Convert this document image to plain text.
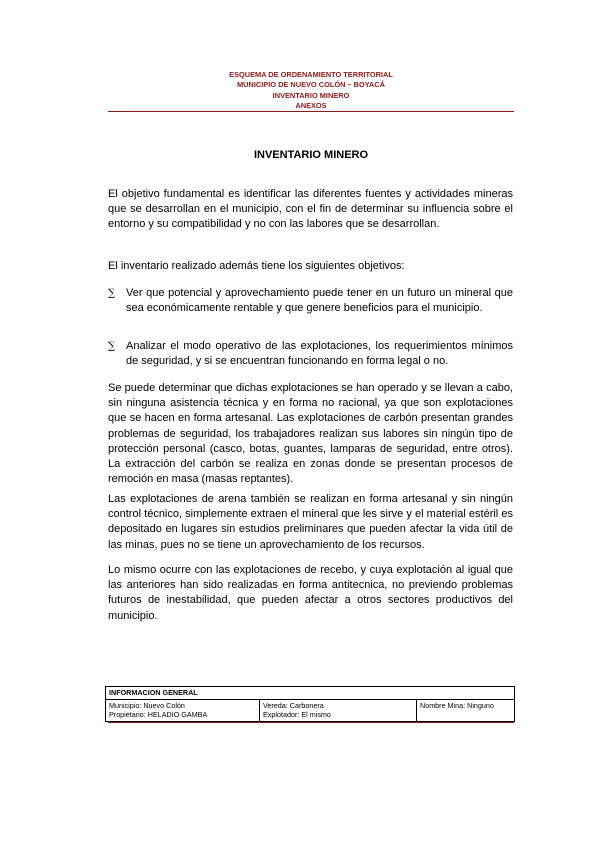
ESQUEMA DE ORDENAMIENTO TERRITORIAL
MUNICIPIO DE NUEVO COLÓN – BOYACÁ
INVENTARIO MINERO
ANEXOS
INVENTARIO MINERO

El objetivo fundamental es identificar las diferentes fuentes y actividades mineras que se desarrollan en el municipio, con el fin de determinar su influencia sobre el entorno y su compatibilidad y no con las labores que se desarrollan.

El inventario realizado además tiene los siguientes objetivos:

∑ Ver que potencial y aprovechamiento puede tener en un futuro un mineral que sea económicamente rentable y que genere beneficios para el municipio.
∑ Analizar el modo operativo de las explotaciones, los requerimientos mínimos de seguridad, y si se encuentran funcionando en forma legal o no.

Se puede determinar que dichas explotaciones se han operado y se llevan a cabo, sin ninguna asistencia técnica y en forma no racional, ya que son explotaciones que se hacen en forma artesanal. Las explotaciones de carbón presentan grandes problemas de seguridad, los trabajadores realizan sus labores sin ningún tipo de protección personal (casco, botas, guantes, lamparas de seguridad, entre otros). La extracción del carbón se realiza en zonas donde se presentan procesos de remoción en masa (masas reptantes).

Las explotaciones de arena también se realizan en forma artesanal y sin ningún control técnico, simplemente extraen el mineral que les sirve y el material estéril es depositado en lugares sin estudios preliminares que pueden afectar la vida útil de las minas, pues no se tiene un aprovechamiento de los recursos.

Lo mismo ocurre con las explotaciones de recebo, y cuya explotación al igual que las anteriores han sido realizadas en forma antitecnica, no previendo problemas futuros de inestabilidad, que pueden afectar a otros sectores productivos del municipio.

INFORMACION GENERAL

Municipio: Nuevo Colón
Propietario: HELADIO GAMBA

Vereda: Carbonera
Explotador: El mismo

Nombre Mina: Ninguno
